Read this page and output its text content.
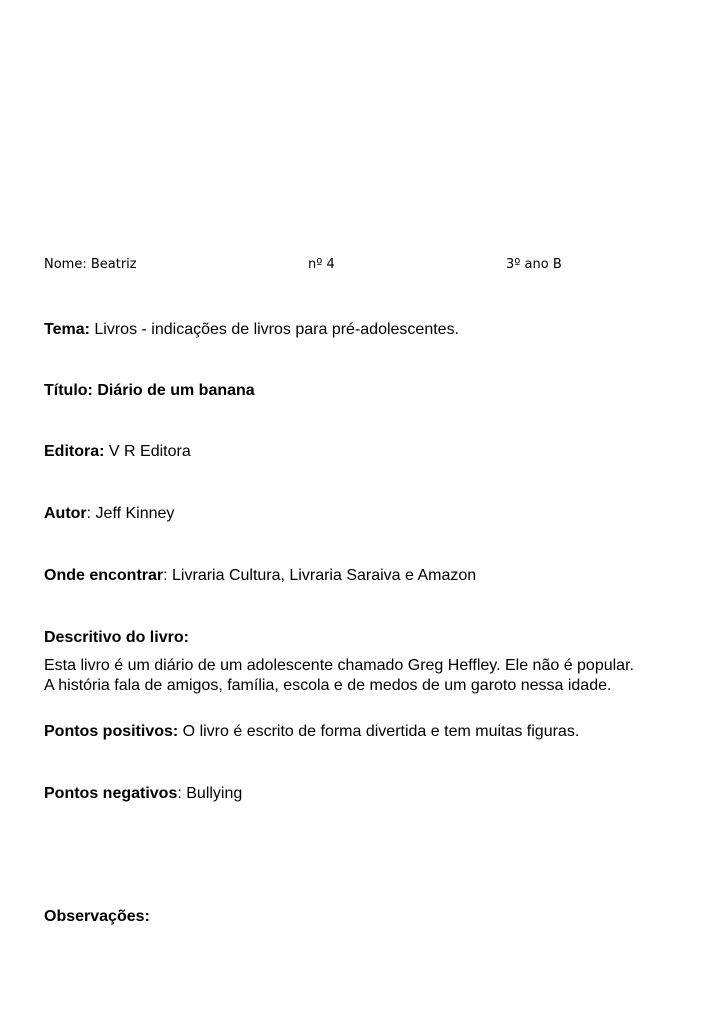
Nome: Beatriz	nº 4	3º ano B
Tema: Livros - indicações de livros para pré-adolescentes.
Título: Diário de um banana
Editora: V R Editora
Autor: Jeff Kinney
Onde encontrar: Livraria Cultura, Livraria Saraiva e Amazon
Descritivo do livro:
Esta livro é um diário de um adolescente chamado Greg Heffley. Ele não é popular.
A história fala de amigos, família, escola e de medos de um garoto nessa idade.
Pontos positivos: O livro é escrito de forma divertida e tem muitas figuras.
Pontos negativos: Bullying
Observações:
